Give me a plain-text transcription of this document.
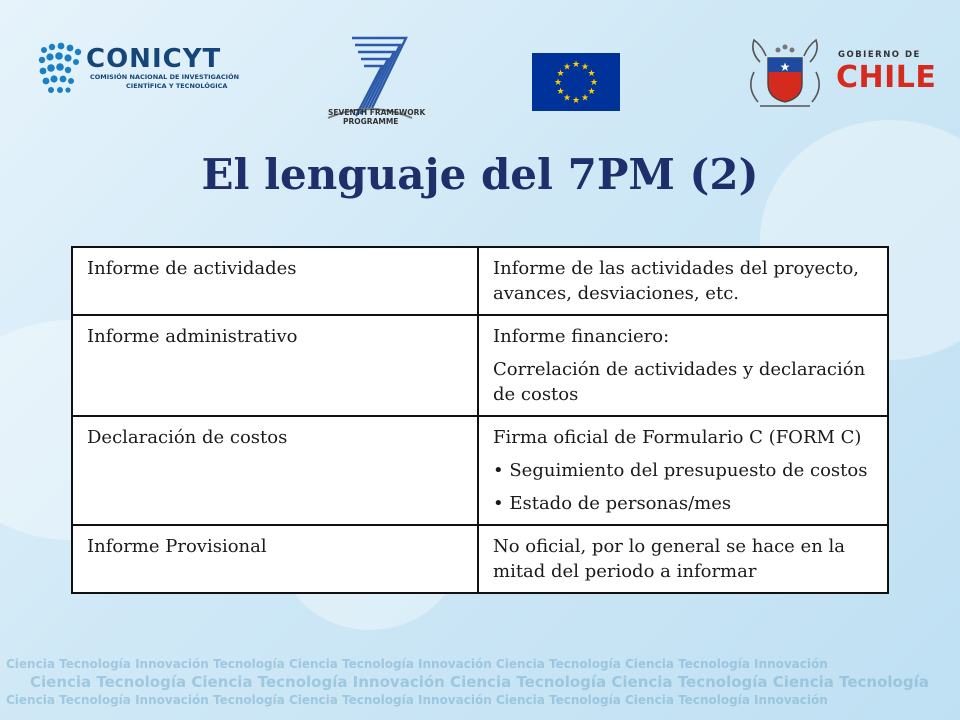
CONICYT
COMISIÓN NACIONAL DE INVESTIGACIÓN
CIENTÍFICA Y TECNOLÓGICA
SEVENTH FRAMEWORK
PROGRAMME
★ ★
★
★
★
★
★
★
★
★
★
★	★
GOBIERNO DE
CHILE
El lenguaje del 7PM (2)
Informe de actividades	Informe de las actividades del proyecto, avances, desviaciones, etc.

Informe administrativo	Informe financiero:

Correlación de actividades y declaración de costos

Declaración de costos	Firma oficial de Formulario C (FORM C)

• Seguimiento del presupuesto de costos

• Estado de personas/mes

Informe Provisional	No oficial, por lo general se hace en la mitad del periodo a informar

Ciencia Tecnología Innovación Tecnología Ciencia Tecnología Innovación Ciencia Tecnología Ciencia Tecnología Innovación
Ciencia Tecnología Ciencia Tecnología Innovación Ciencia Tecnología Ciencia Tecnología Ciencia Tecnología
Ciencia Tecnología Innovación Tecnología Ciencia Tecnología Innovación Ciencia Tecnología Ciencia Tecnología Innovación
